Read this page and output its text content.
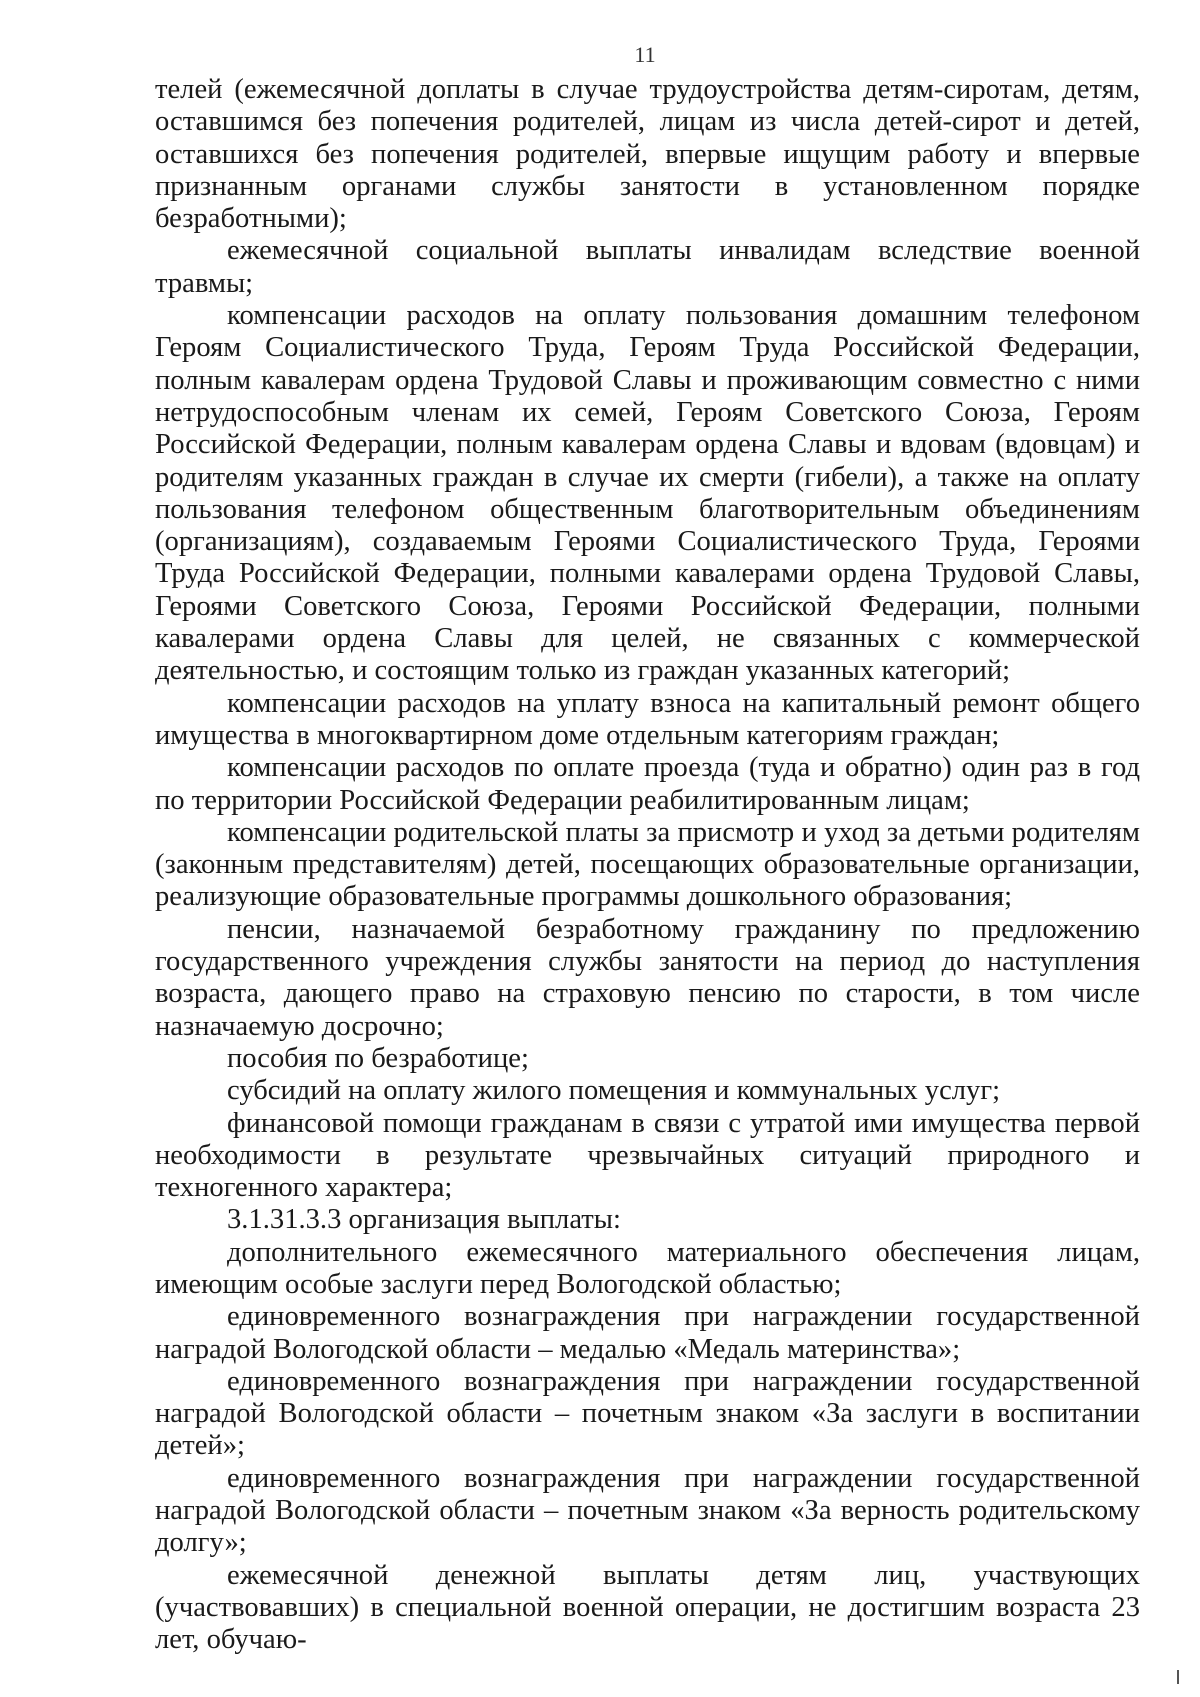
11

телей (ежемесячной доплаты в случае трудоустройства детям-сиротам, детям, оставшимся без попечения родителей, лицам из числа детей-сирот и детей, оставшихся без попечения родителей, впервые ищущим работу и впервые признанным органами службы занятости в установленном порядке безработными);

ежемесячной социальной выплаты инвалидам вследствие военной травмы;

компенсации расходов на оплату пользования домашним телефоном Героям Социалистического Труда, Героям Труда Российской Федерации, полным кавалерам ордена Трудовой Славы и проживающим совместно с ними нетрудоспособным членам их семей, Героям Советского Союза, Героям Российской Федерации, полным кавалерам ордена Славы и вдовам (вдовцам) и родителям указанных граждан в случае их смерти (гибели), а также на оплату пользования телефоном общественным благотворительным объединениям (организациям), создаваемым Героями Социалистического Труда, Героями Труда Российской Федерации, полными кавалерами ордена Трудовой Славы, Героями Советского Союза, Героями Российской Федерации, полными кавалерами ордена Славы для целей, не связанных с коммерческой деятельностью, и состоящим только из граждан указанных категорий;

компенсации расходов на уплату взноса на капитальный ремонт общего имущества в многоквартирном доме отдельным категориям граждан;

компенсации расходов по оплате проезда (туда и обратно) один раз в год по территории Российской Федерации реабилитированным лицам;

компенсации родительской платы за присмотр и уход за детьми родителям (законным представителям) детей, посещающих образовательные организации, реализующие образовательные программы дошкольного образования;

пенсии, назначаемой безработному гражданину по предложению государственного учреждения службы занятости на период до наступления возраста, дающего право на страховую пенсию по старости, в том числе назначаемую досрочно;

пособия по безработице;

субсидий на оплату жилого помещения и коммунальных услуг;

финансовой помощи гражданам в связи с утратой ими имущества первой необходимости в результате чрезвычайных ситуаций природного и техногенного характера;

3.1.31.3.3 организация выплаты:

дополнительного ежемесячного материального обеспечения лицам, имеющим особые заслуги перед Вологодской областью;

единовременного вознаграждения при награждении государственной наградой Вологодской области – медалью «Медаль материнства»;

единовременного вознаграждения при награждении государственной наградой Вологодской области – почетным знаком «За заслуги в воспитании детей»;

единовременного вознаграждения при награждении государственной наградой Вологодской области – почетным знаком «За верность родительскому долгу»;

ежемесячной денежной выплаты детям лиц, участвующих (участвовавших) в специальной военной операции, не достигшим возраста 23 лет, обучаю-
